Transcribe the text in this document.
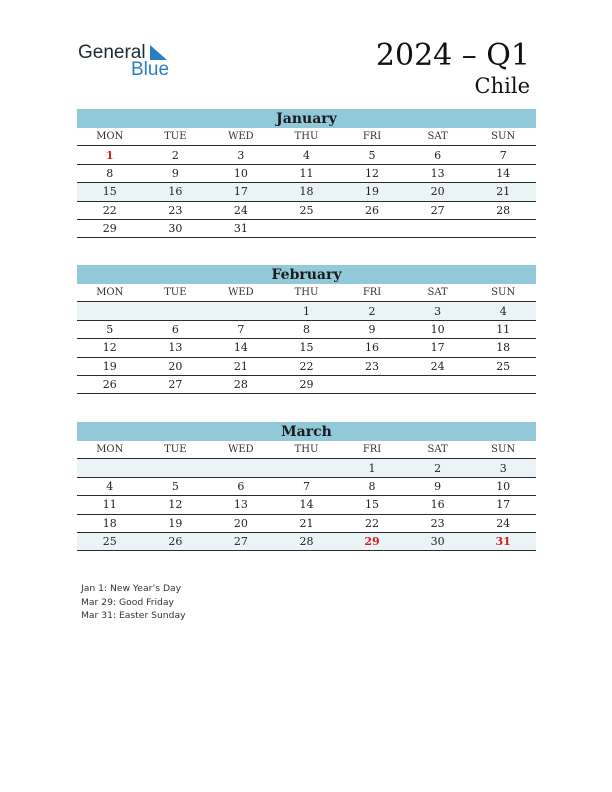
General
Blue	2024 – Q1
Chile
January
MON	TUE	WED	THU	FRI	SAT	SUN
1	2	3	4	5	6	7
8	9	10	11	12	13	14
15	16	17	18	19	20	21
22	23	24	25	26	27	28
29	30	31				
February
MON	TUE	WED	THU	FRI	SAT	SUN
			1	2	3	4
5	6	7	8	9	10	11
12	13	14	15	16	17	18
19	20	21	22	23	24	25
26	27	28	29			
March
MON	TUE	WED	THU	FRI	SAT	SUN
				1	2	3
4	5	6	7	8	9	10
11	12	13	14	15	16	17
18	19	20	21	22	23	24
25	26	27	28	29	30	31
Jan 1: New Year’s Day
Mar 29: Good Friday
Mar 31: Easter Sunday
